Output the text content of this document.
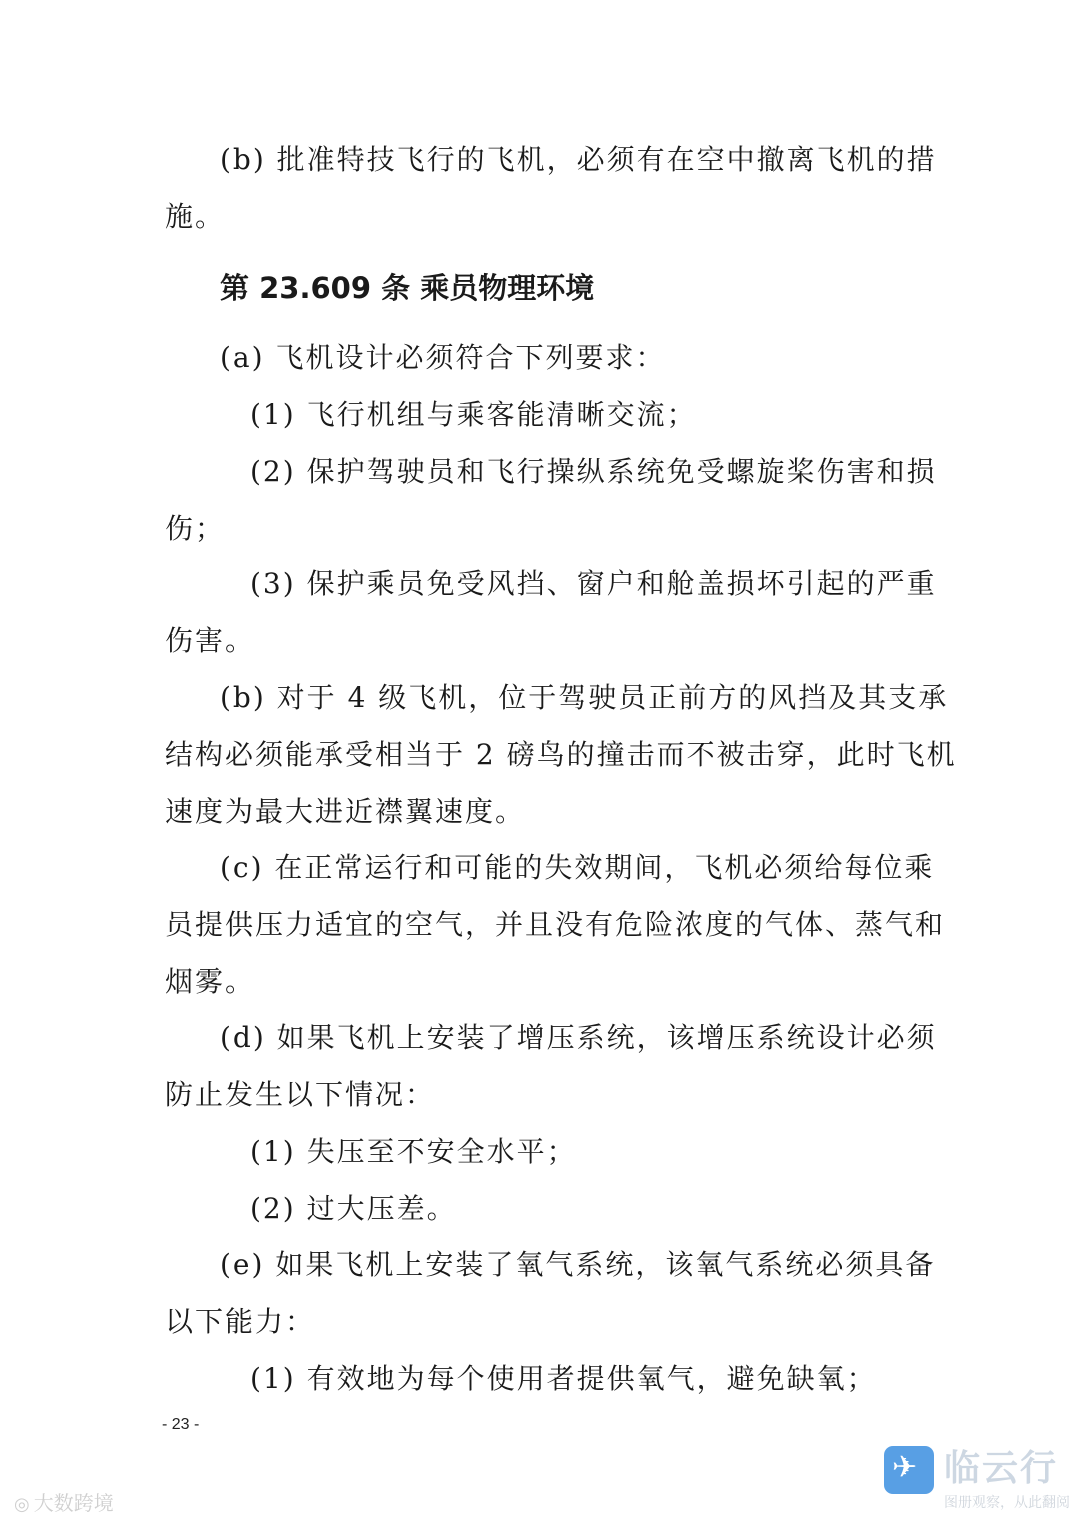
(b) 批准特技飞行的飞机，必须有在空中撤离飞机的措
施。
第 23.609 条 乘员物理环境
(a) 飞机设计必须符合下列要求：
(1) 飞行机组与乘客能清晰交流；
(2) 保护驾驶员和飞行操纵系统免受螺旋桨伤害和损
伤；
(3) 保护乘员免受风挡、窗户和舱盖损坏引起的严重
伤害。
(b) 对于 4 级飞机，位于驾驶员正前方的风挡及其支承
结构必须能承受相当于 2 磅鸟的撞击而不被击穿，此时飞机
速度为最大进近襟翼速度。
(c) 在正常运行和可能的失效期间，飞机必须给每位乘
员提供压力适宜的空气，并且没有危险浓度的气体、蒸气和
烟雾。
(d) 如果飞机上安装了增压系统，该增压系统设计必须
防止发生以下情况：
(1) 失压至不安全水平；
(2) 过大压差。
(e) 如果飞机上安装了氧气系统，该氧气系统必须具备
以下能力：
(1) 有效地为每个使用者提供氧气，避免缺氧；
- 23 -
◎ 大数跨境
✈ 临云行
图册观察，从此翻阅
